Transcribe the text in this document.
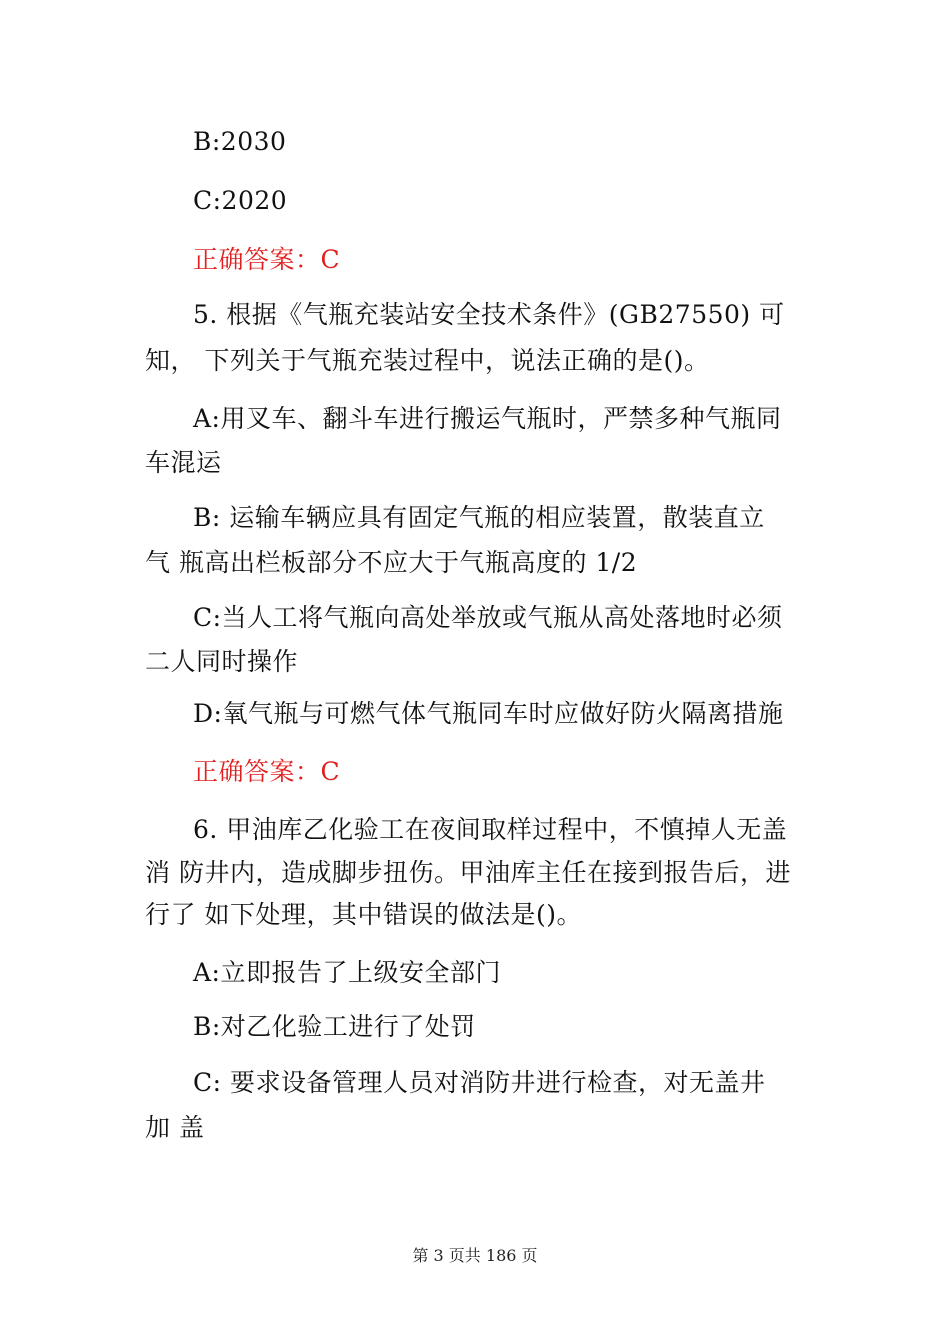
B:2030
C:2020
正确答案：C
5. 根据《气瓶充装站安全技术条件》(GB27550) 可
知， 下列关于气瓶充装过程中，说法正确的是()。
A:用叉车、翻斗车进行搬运气瓶时，严禁多种气瓶同
车混运
B: 运输车辆应具有固定气瓶的相应装置，散装直立
气 瓶高出栏板部分不应大于气瓶高度的 1/2
C:当人工将气瓶向高处举放或气瓶从高处落地时必须
二人同时操作
D:氧气瓶与可燃气体气瓶同车时应做好防火隔离措施
正确答案：C
6. 甲油库乙化验工在夜间取样过程中，不慎掉人无盖
消 防井内，造成脚步扭伤。甲油库主任在接到报告后，进
行了 如下处理，其中错误的做法是()。
A:立即报告了上级安全部门
B:对乙化验工进行了处罚
C: 要求设备管理人员对消防井进行检查，对无盖井
加 盖
第 3 页共 186 页
